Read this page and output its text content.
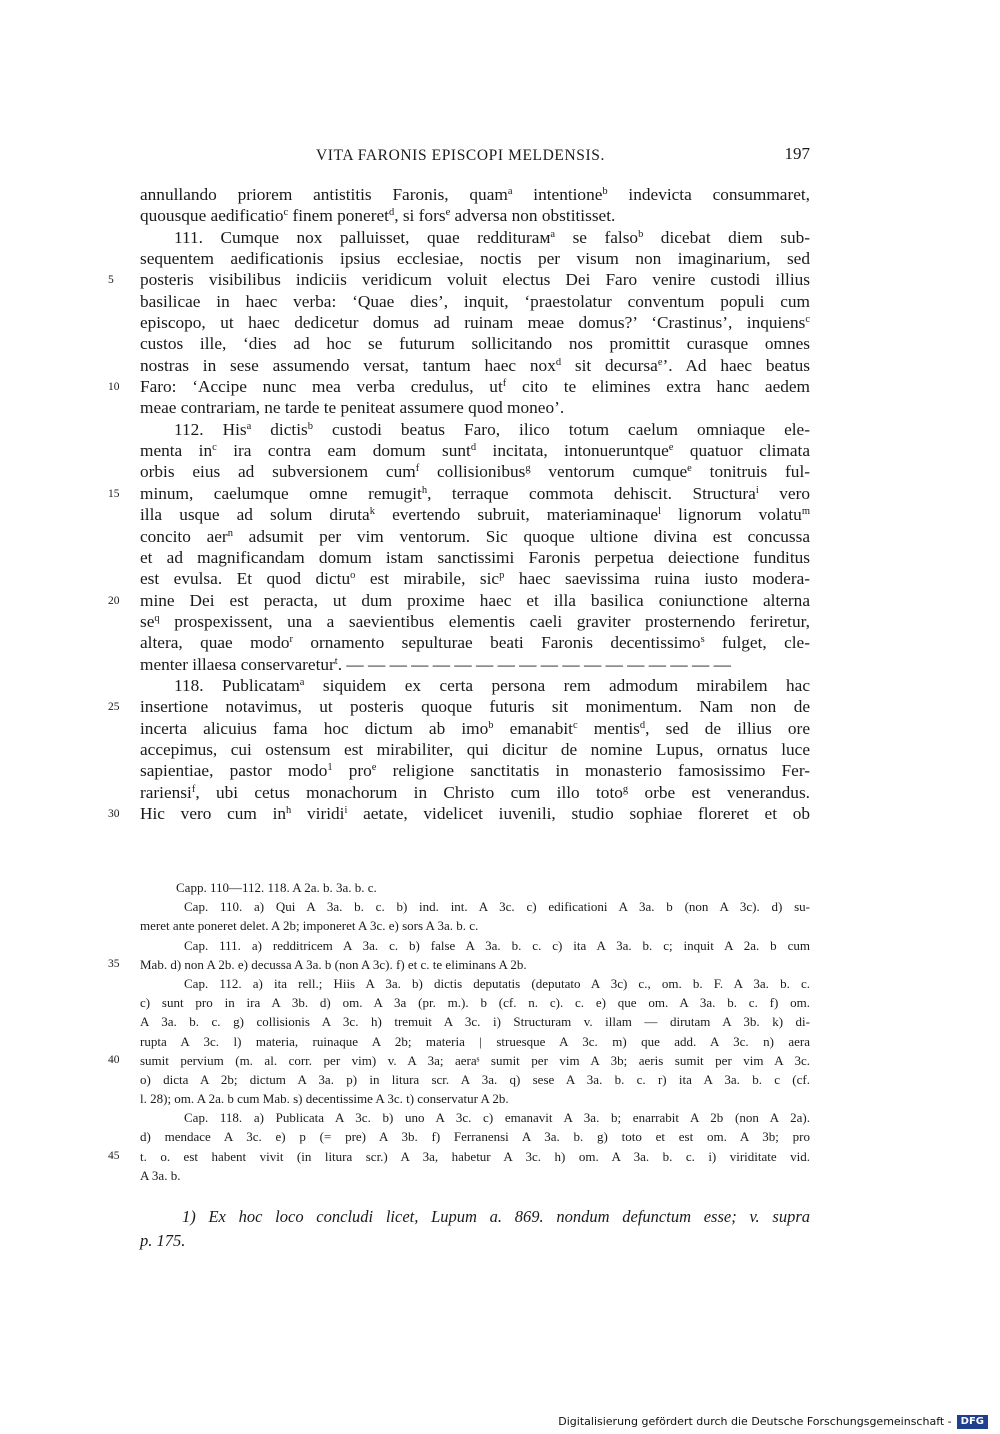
VITA FARONIS EPISCOPI MELDENSIS.	197
annullando priorem antistitis Faronis, quam$^a$ intentione$^b$ indevicta consummaret,
quousque aedificatio$^c$ finem poneret$^d$, si fors$^e$ adversa non obstitisset.
111. Cumque nox palluisset, quae redditurам$^a$ se falso$^b$ dicebat diem sub-
sequentem aedificationis ipsius ecclesiae, noctis per visum non imaginarium, sed
5	posteris visibilibus indiciis veridicum voluit electus Dei Faro venire custodi illius
basilicae in haec verba: ‘Quae dies’, inquit, ‘praestolatur conventum populi cum
episcopo, ut haec dedicetur domus ad ruinam meae domus?’ ‘Crastinus’, inquiens$^c$
custos ille, ‘dies ad hoc se futurum sollicitando nos promittit curasque omnes
nostras in sese assumendo versat, tantum haec nox$^d$ sit decursa$^e$’. Ad haec beatus
10	Faro: ‘Accipe nunc mea verba credulus, $ut^f$ cito te elimines extra hanc aedem
meae contrariam, ne tarde te peniteat assumere quod moneo’.
112. His$^a$ dictis$^b$ custodi beatus Faro, ilico totum caelum omniaque ele-
menta $in^c$ ira contra eam domum sunt$^d$ incitata, intonueruntque$^e$ quatuor climata
orbis eius ad subversionem cum$^f$ collisionibus$^g$ ventorum cumque$^e$ tonitruis ful-
15	minum, caelumque omne remugit$^h$, terraque commota dehiscit. Structura$^i$ vero
illa usque ad solum diruta$^k$ evertendo subruit, materiaminaque$^l$ lignorum volatu$^m$
concito aer$^n$ adsumit per vim ventorum. Sic quoque ultione divina est concussa
et ad magnificandam domum istam sanctissimi Faronis perpetua deiectione funditus
est evulsa. Et quod dictu$^o$ est mirabile, sic$^p$ haec saevissima ruina iusto modera-
20	mine Dei est peracta, ut dum proxime haec et illa basilica coniunctione alterna
$se^q$ prospexissent, una a saevientibus elementis caeli graviter prosternendo feriretur,
altera, quae modo$^r$ ornamento sepulturae beati Faronis decentissimo$^s$ fulget, cle-
menter illaesa conservaretur$^t$. — — — — — — — — — — — — — — — — — —
118. Publicatam$^a$ siquidem ex certa persona rem admodum mirabilem hac
25	insertione notavimus, ut posteris quoque futuris sit monimentum. Nam non de
incerta alicuius fama hoc dictum ab imo$^b$ emanabit$^c$ mentis$^d$, sed de illius ore
accepimus, cui ostensum est mirabiliter, qui dicitur de nomine Lupus, ornatus luce
sapientiae, pastor modo$^1$ pro$^e$ religione sanctitatis in monasterio famosissimo Fer-
rariensi$^f$, ubi cetus monachorum in Christo cum illo toto$^g$ orbe est venerandus.
30	Hic vero cum $in^h$ viridi$^i$ aetate, videlicet iuvenili, studio sophiae floreret et ob
Capp. 110—112. 118. A 2a. b. 3a. b. c.
Cap. 110. a) Qui A 3a. b. c. b) ind. int. A 3c. c) edificationi A 3a. b (non A 3c). d) su-
meret ante poneret delet. A 2b; imponeret A 3c. e) sors A 3a. b. c.
Cap. 111. a) redditricem A 3a. c. b) false A 3a. b. c. c) ita A 3a. b. c; inquit A 2a. b cum
35	Mab. d) non A 2b. e) decussa A 3a. b (non A 3c). f) et c. te eliminans A 2b.
Cap. 112. a) ita rell.; Hiis A 3a. b) dictis deputatis (deputato A 3c) c., om. b. F. A 3a. b. c.
c) sunt pro in ira A 3b. d) om. A 3a (pr. m.). b (cf. n. c). c. e) que om. A 3a. b. c. f) om.
A 3a. b. c. g) collisionis A 3c. h) tremuit A 3c. i) Structuram v. illam — dirutam A 3b. k) di-
rupta A 3c. l) materia, ruinaque A 2b; materia | struesque A 3c. m) que add. A 3c. n) aera
40	sumit pervium (m. al. corr. per vim) v. A 3a; aeraˢ sumit per vim A 3b; aeris sumit per vim A 3c.
o) dicta A 2b; dictum A 3a. p) in litura scr. A 3a. q) sese A 3a. b. c. r) ita A 3a. b. c (cf.
l. 28); om. A 2a. b cum Mab. s) decentissime A 3c. t) conservatur A 2b.
Cap. 118. a) Publicata A 3c. b) uno A 3c. c) emanavit A 3a. b; enarrabit A 2b (non A 2a).
d) mendace A 3c. e) p (= pre) A 3b. f) Ferranensi A 3a. b. g) toto et est om. A 3b; pro
45	t. o. est habent vivit (in litura scr.) A 3a, habetur A 3c. h) om. A 3a. b. c. i) viriditate vid.
A 3a. b.
1) Ex hoc loco concludi licet, Lupum a. 869. nondum defunctum esse; v. supra
p. 175.
Digitalisierung gefördert durch die Deutsche Forschungsgemeinschaft - DFG
